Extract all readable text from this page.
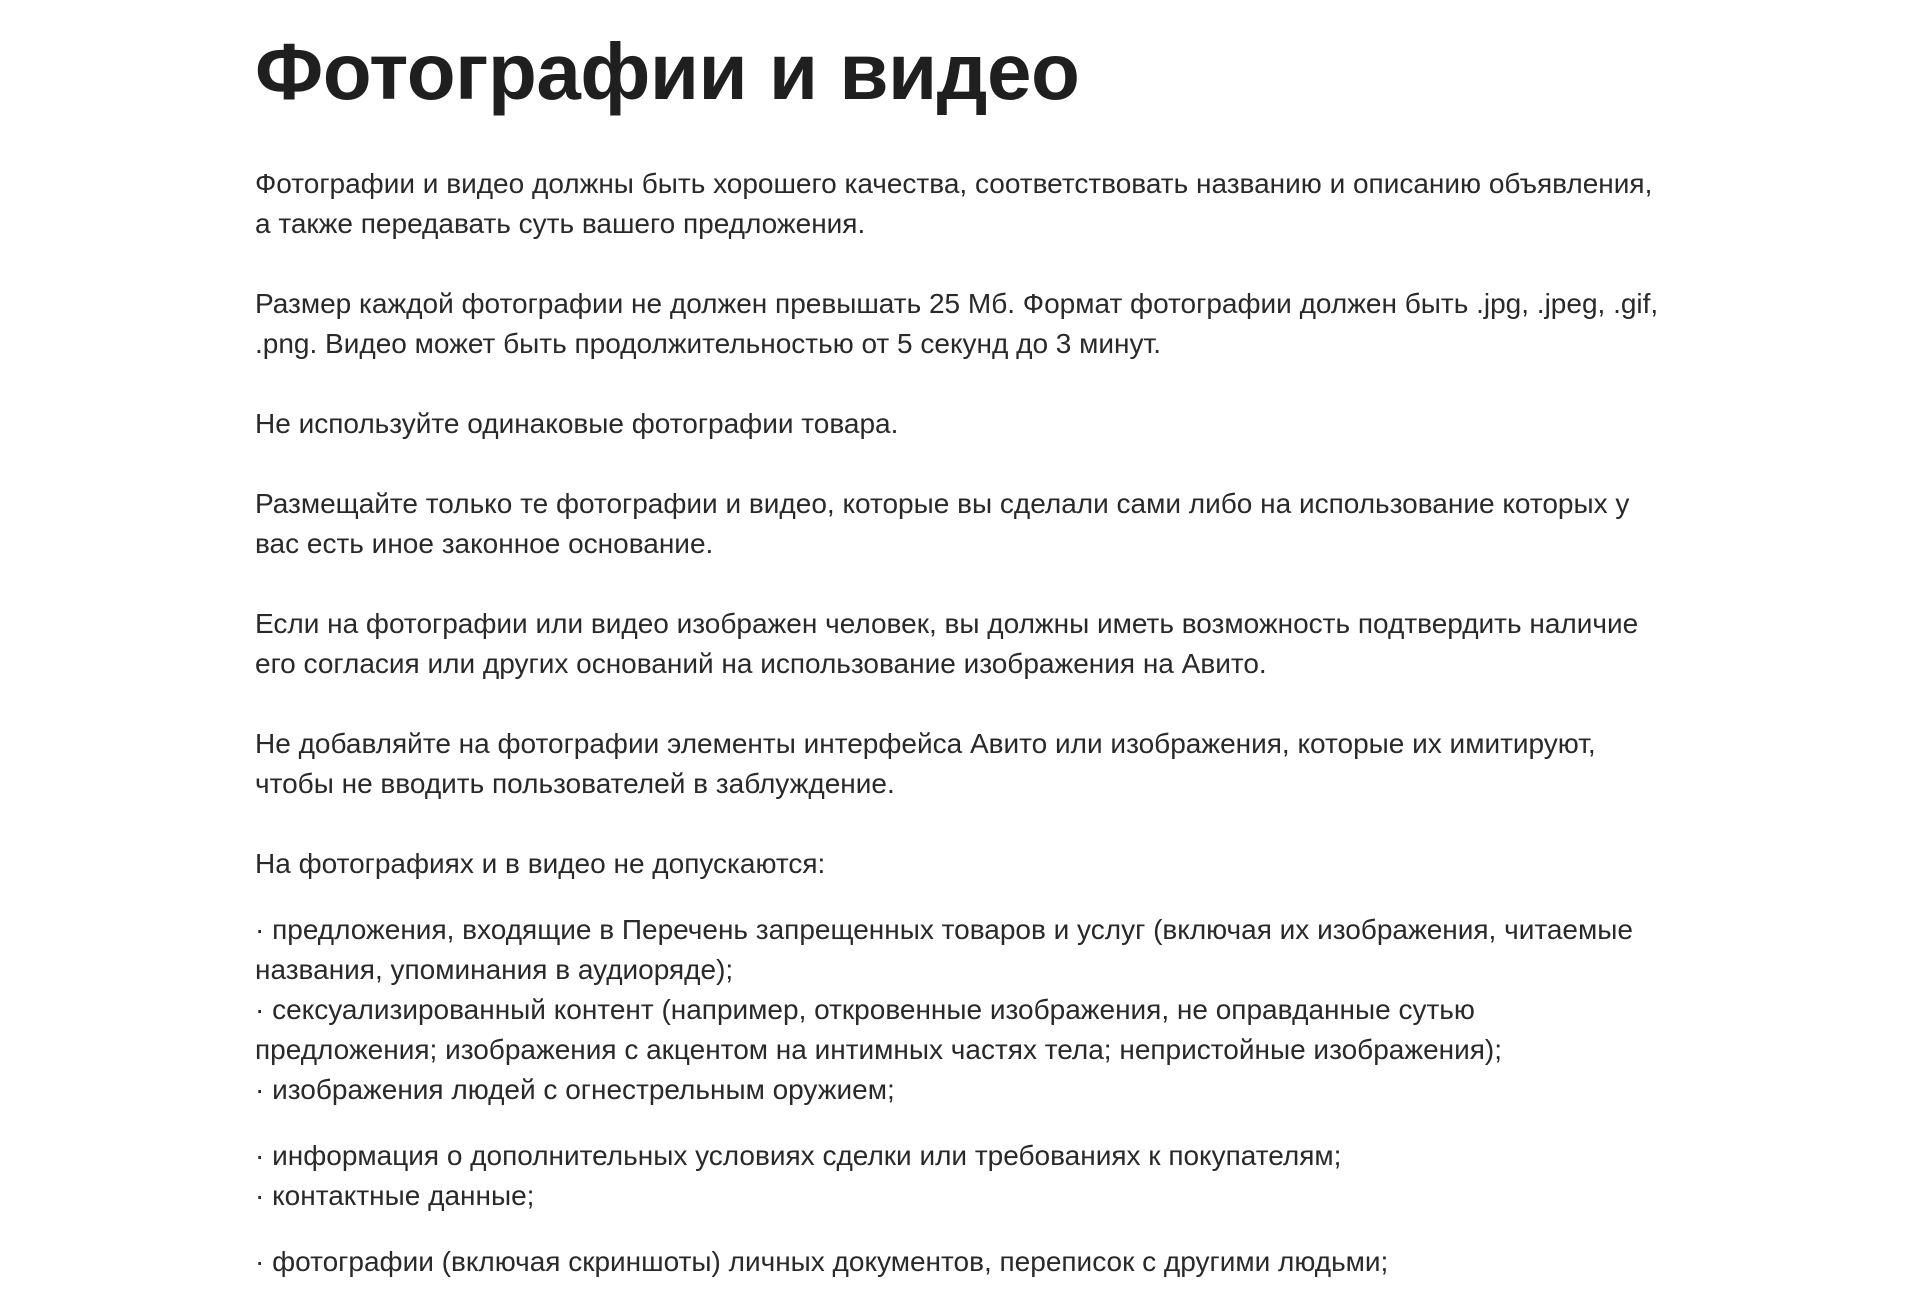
Фотографии и видео

Фотографии и видео должны быть хорошего качества, соответствовать названию и описанию объявления,
а также передавать суть вашего предложения.

Размер каждой фотографии не должен превышать 25 Мб. Формат фотографии должен быть .jpg, .jpeg, .gif,
.png. Видео может быть продолжительностью от 5 секунд до 3 минут.

Не используйте одинаковые фотографии товара.

Размещайте только те фотографии и видео, которые вы сделали сами либо на использование которых у
вас есть иное законное основание.

Если на фотографии или видео изображен человек, вы должны иметь возможность подтвердить наличие
его согласия или других оснований на использование изображения на Авито.

Не добавляйте на фотографии элементы интерфейса Авито или изображения, которые их имитируют,
чтобы не вводить пользователей в заблуждение.

На фотографиях и в видео не допускаются:

· предложения, входящие в Перечень запрещенных товаров и услуг (включая их изображения, читаемые
названия, упоминания в аудиоряде);
· сексуализированный контент (например, откровенные изображения, не оправданные сутью
предложения; изображения с акцентом на интимных частях тела; непристойные изображения);
· изображения людей с огнестрельным оружием;
· информация о дополнительных условиях сделки или требованиях к покупателям;
· контактные данные;
· фотографии (включая скриншоты) личных документов, переписок с другими людьми;
